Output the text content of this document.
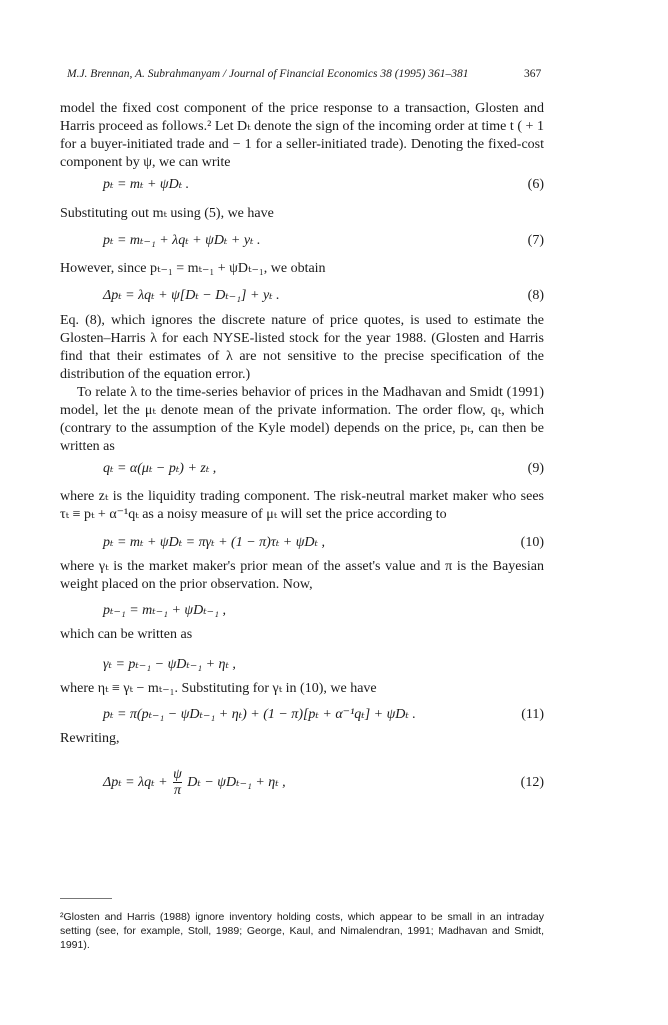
M.J. Brennan, A. Subrahmanyam / Journal of Financial Economics 38 (1995) 361–381	367
model the fixed cost component of the price response to a transaction, Glosten and Harris proceed as follows.² Let Dₜ denote the sign of the incoming order at time t ( + 1 for a buyer-initiated trade and − 1 for a seller-initiated trade). Denoting the fixed-cost component by ψ, we can write
pₜ = mₜ + ψDₜ .	(6)
Substituting out mₜ using (5), we have
pₜ = mₜ₋₁ + λqₜ + ψDₜ + yₜ .	(7)
However, since pₜ₋₁ = mₜ₋₁ + ψDₜ₋₁, we obtain
Δpₜ = λqₜ + ψ[Dₜ − Dₜ₋₁] + yₜ .	(8)
Eq. (8), which ignores the discrete nature of price quotes, is used to estimate the Glosten–Harris λ for each NYSE-listed stock for the year 1988. (Glosten and Harris find that their estimates of λ are not sensitive to the precise specification of the distribution of the equation error.)
To relate λ to the time-series behavior of prices in the Madhavan and Smidt (1991) model, let the μₜ denote mean of the private information. The order flow, qₜ, which (contrary to the assumption of the Kyle model) depends on the price, pₜ, can then be written as
qₜ = α(μₜ − pₜ) + zₜ ,	(9)
where zₜ is the liquidity trading component. The risk-neutral market maker who sees τₜ ≡ pₜ + α⁻¹qₜ as a noisy measure of μₜ will set the price according to
pₜ = mₜ + ψDₜ = πγₜ + (1 − π)τₜ + ψDₜ ,	(10)
where γₜ is the market maker's prior mean of the asset's value and π is the Bayesian weight placed on the prior observation. Now,
pₜ₋₁ = mₜ₋₁ + ψDₜ₋₁ ,
which can be written as
γₜ = pₜ₋₁ − ψDₜ₋₁ + ηₜ ,
where ηₜ ≡ γₜ − mₜ₋₁. Substituting for γₜ in (10), we have
pₜ = π(pₜ₋₁ − ψDₜ₋₁ + ηₜ) + (1 − π)[pₜ + α⁻¹qₜ] + ψDₜ .	(11)
Rewriting,
$\Delta p_t = \lambda q_t + \frac{\psi}{\pi}$ Dₜ − ψDₜ₋₁ + ηₜ ,	(12)
²Glosten and Harris (1988) ignore inventory holding costs, which appear to be small in an intraday setting (see, for example, Stoll, 1989; George, Kaul, and Nimalendran, 1991; Madhavan and Smidt, 1991).
